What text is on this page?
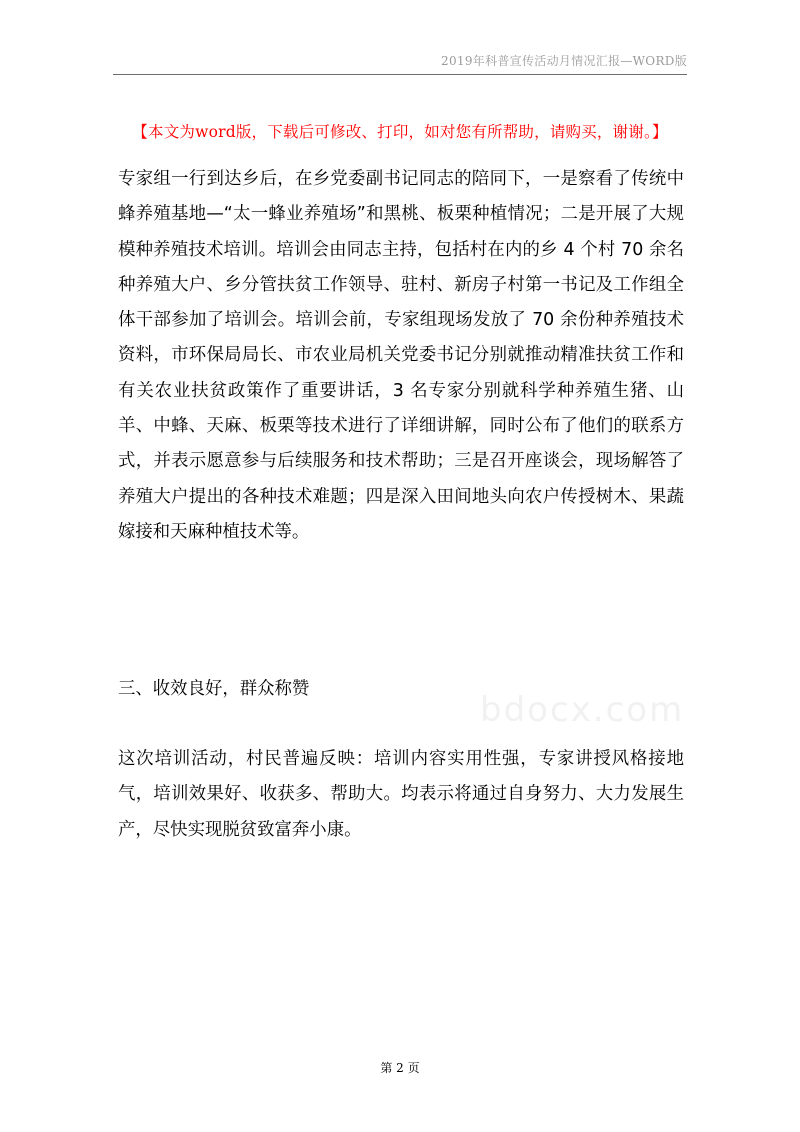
2019年科普宣传活动月情况汇报—WORD版
【本文为word版，下载后可修改、打印，如对您有所帮助，请购买，谢谢。】
专家组一行到达乡后，在乡党委副书记同志的陪同下，一是察看了传统中蜂养殖基地—“太一蜂业养殖场”和黑桃、板栗种植情况；二是开展了大规模种养殖技术培训。培训会由同志主持，包括村在内的乡 4 个村 70 余名种养殖大户、乡分管扶贫工作领导、驻村、新房子村第一书记及工作组全体干部参加了培训会。培训会前，专家组现场发放了 70 余份种养殖技术资料，市环保局局长、市农业局机关党委书记分别就推动精准扶贫工作和有关农业扶贫政策作了重要讲话，3 名专家分别就科学种养殖生猪、山羊、中蜂、天麻、板栗等技术进行了详细讲解，同时公布了他们的联系方式，并表示愿意参与后续服务和技术帮助；三是召开座谈会，现场解答了养殖大户提出的各种技术难题；四是深入田间地头向农户传授树木、果蔬嫁接和天麻种植技术等。
三、收效良好，群众称赞
bdocx.com
这次培训活动，村民普遍反映：培训内容实用性强，专家讲授风格接地气，培训效果好、收获多、帮助大。均表示将通过自身努力、大力发展生产，尽快实现脱贫致富奔小康。
第 2 页
